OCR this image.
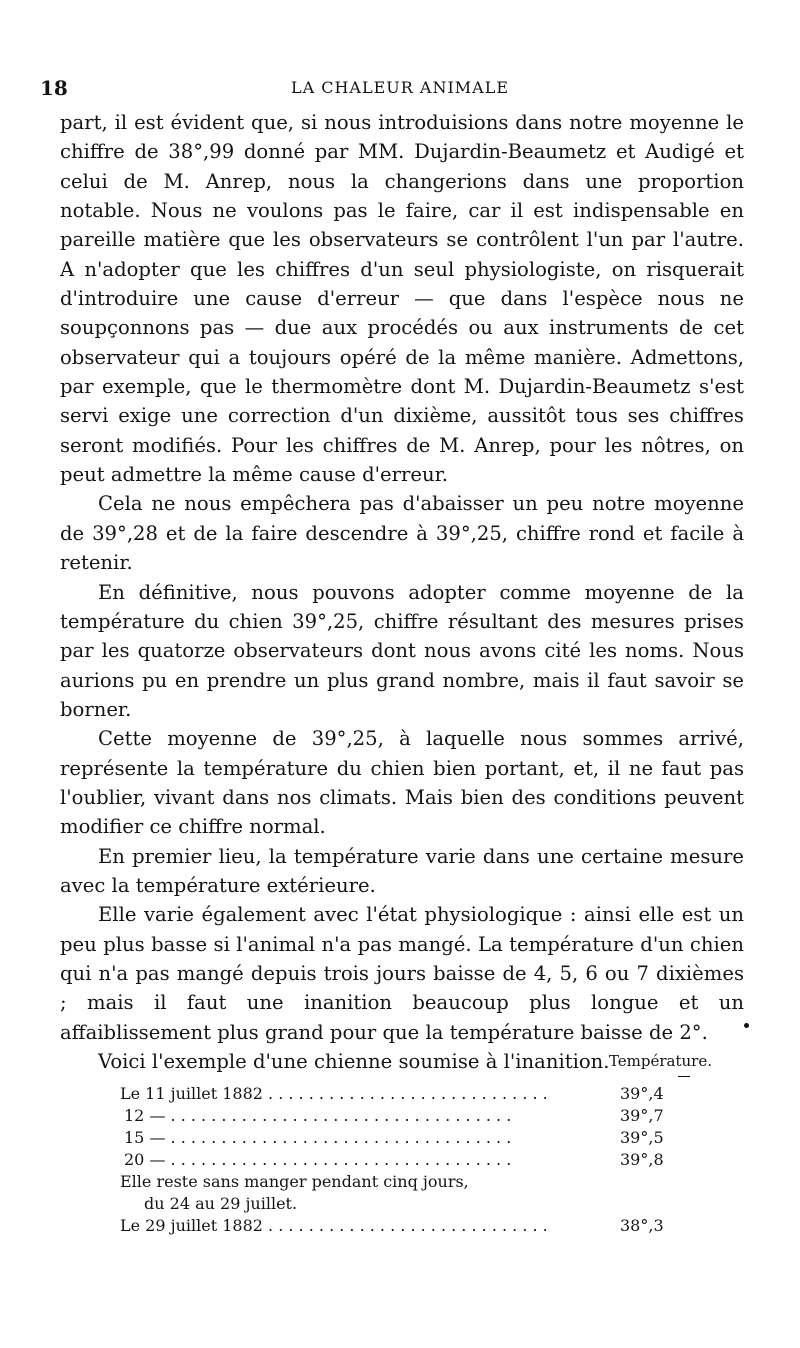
18	LA CHALEUR ANIMALE

part, il est évident que, si nous introduisions dans notre moyenne le chiffre de 38°,99 donné par MM. Dujardin-Beaumetz et Audigé et celui de M. Anrep, nous la changerions dans une proportion notable. Nous ne voulons pas le faire, car il est indispensable en pareille matière que les observateurs se contrôlent l'un par l'autre. A n'adopter que les chiffres d'un seul physiologiste, on risquerait d'introduire une cause d'erreur — que dans l'espèce nous ne soupçonnons pas — due aux procédés ou aux instruments de cet observateur qui a toujours opéré de la même manière. Admettons, par exemple, que le thermomètre dont M. Dujardin-Beaumetz s'est servi exige une correction d'un dixième, aussitôt tous ses chiffres seront modifiés. Pour les chiffres de M. Anrep, pour les nôtres, on peut admettre la même cause d'erreur.

Cela ne nous empêchera pas d'abaisser un peu notre moyenne de 39°,28 et de la faire descendre à 39°,25, chiffre rond et facile à retenir.

En définitive, nous pouvons adopter comme moyenne de la température du chien 39°,25, chiffre résultant des mesures prises par les quatorze observateurs dont nous avons cité les noms. Nous aurions pu en prendre un plus grand nombre, mais il faut savoir se borner.

Cette moyenne de 39°,25, à laquelle nous sommes arrivé, représente la température du chien bien portant, et, il ne faut pas l'oublier, vivant dans nos climats. Mais bien des conditions peuvent modifier ce chiffre normal.

En premier lieu, la température varie dans une certaine mesure avec la température extérieure.

Elle varie également avec l'état physiologique : ainsi elle est un peu plus basse si l'animal n'a pas mangé. La température d'un chien qui n'a pas mangé depuis trois jours baisse de 4, 5, 6 ou 7 dixièmes ; mais il faut une inanition beaucoup plus longue et un affaiblissement plus grand pour que la température baisse de 2°.

Voici l'exemple d'une chienne soumise à l'inanition. Température.
Le 11 juillet 1882 . . . . . . . . . . . . . . . . . . . . . . . . . . . .	39°,4
12 — . . . . . . . . . . . . . . . . . . . . . . . . . . . . . . . . . .	39°,7
15 — . . . . . . . . . . . . . . . . . . . . . . . . . . . . . . . . . .	39°,5
20 — . . . . . . . . . . . . . . . . . . . . . . . . . . . . . . . . . .	39°,8
Elle reste sans manger pendant cinq jours,
du 24 au 29 juillet.
Le 29 juillet 1882 . . . . . . . . . . . . . . . . . . . . . . . . . . . .	38°,3
